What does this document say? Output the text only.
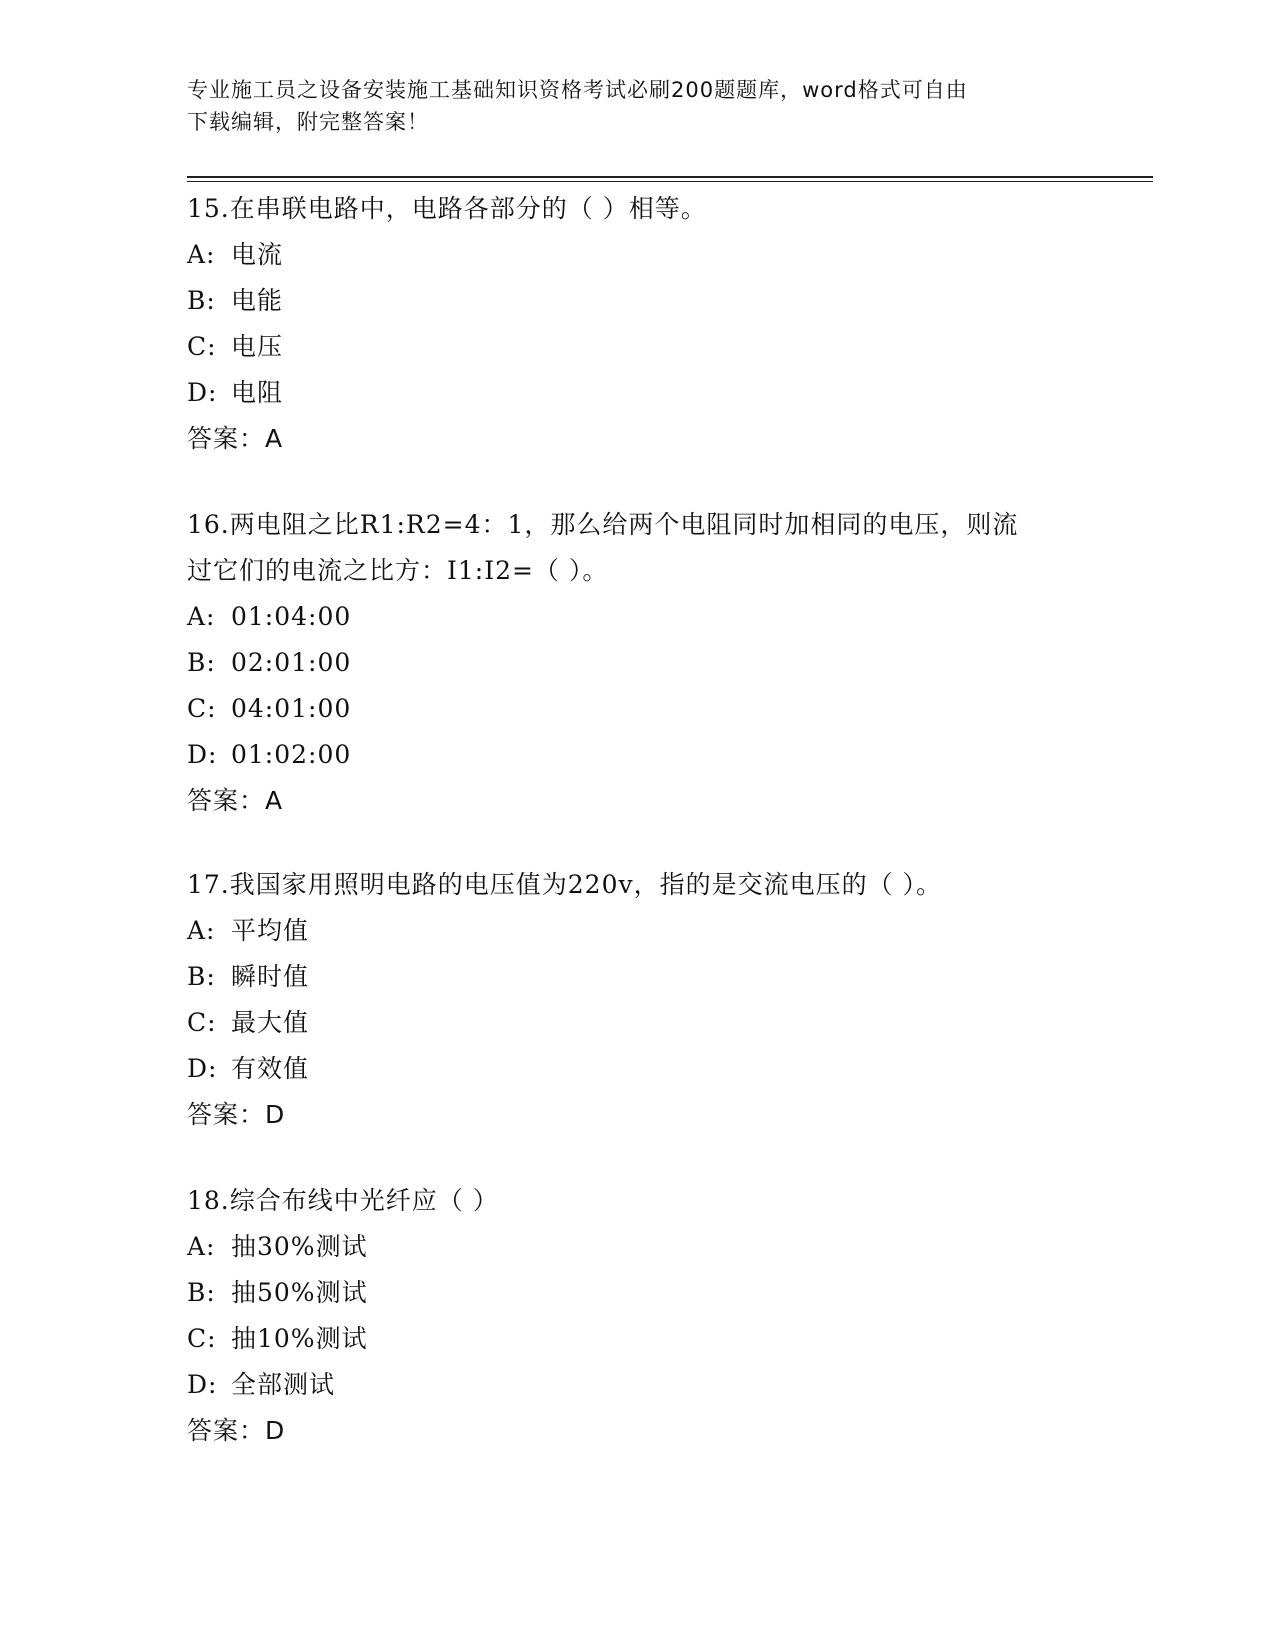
专业施工员之设备安装施工基础知识资格考试必刷200题题库，word格式可自由
下载编辑，附完整答案！
15.在串联电路中，电路各部分的（ ）相等。
A: 电流
B: 电能
C: 电压
D: 电阻
答案：A
16.两电阻之比R1:R2=4：1，那么给两个电阻同时加相同的电压，则流
过它们的电流之比方：I1:I2=（ ）。
A: 01:04:00
B: 02:01:00
C: 04:01:00
D: 01:02:00
答案：A
17.我国家用照明电路的电压值为220v，指的是交流电压的（ ）。
A: 平均值
B: 瞬时值
C: 最大值
D: 有效值
答案：D
18.综合布线中光纤应（ ）
A: 抽30%测试
B: 抽50%测试
C: 抽10%测试
D: 全部测试
答案：D
